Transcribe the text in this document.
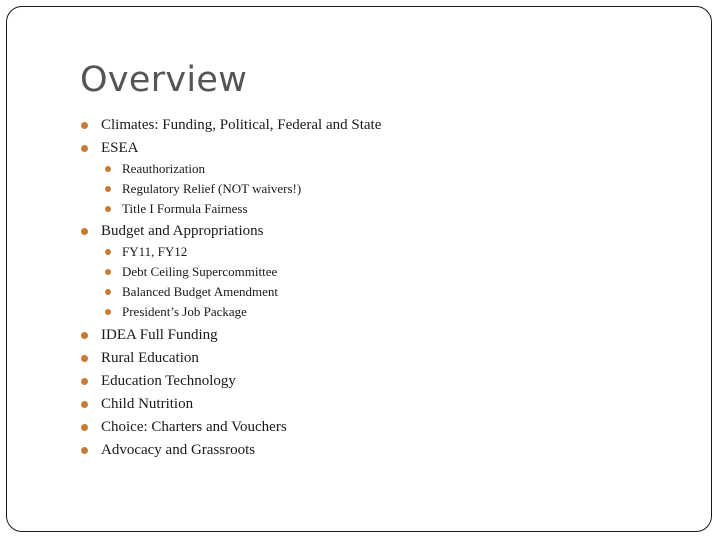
Overview
Climates: Funding, Political, Federal and State
ESEA
Reauthorization
Regulatory Relief (NOT waivers!)
Title I Formula Fairness
Budget and Appropriations
FY11, FY12
Debt Ceiling Supercommittee
Balanced Budget Amendment
President’s Job Package
IDEA Full Funding
Rural Education
Education Technology
Child Nutrition
Choice: Charters and Vouchers
Advocacy and Grassroots
